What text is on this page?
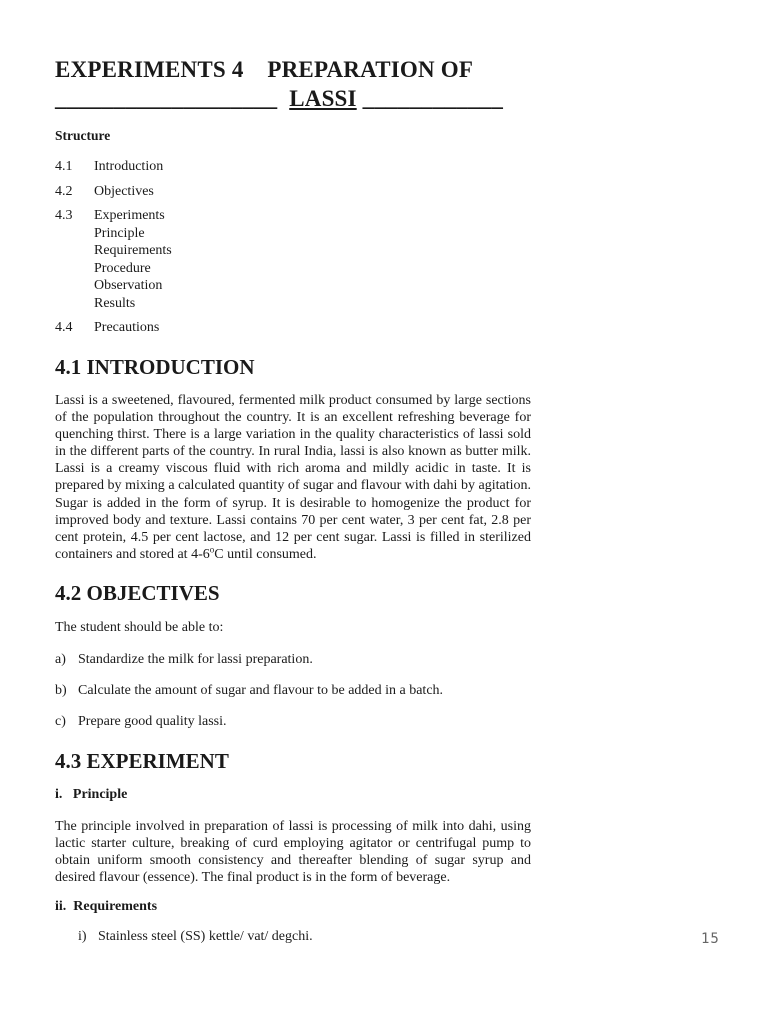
EXPERIMENTS 4    PREPARATION OF
___________________ LASSI ____________
Structure
4.1 Introduction
4.2 Objectives
4.3 Experiments
Principle
Requirements
Procedure
Observation
Results
4.4 Precautions
4.1 INTRODUCTION
Lassi is a sweetened, flavoured, fermented milk product consumed by large sections of the population throughout the country. It is an excellent refreshing beverage for quenching thirst. There is a large variation in the quality characteristics of lassi sold in the different parts of the country. In rural India, lassi is also known as butter milk. Lassi is a creamy viscous fluid with rich aroma and mildly acidic in taste. It is prepared by mixing a calculated quantity of sugar and flavour with dahi by agitation. Sugar is added in the form of syrup. It is desirable to homogenize the product for improved body and texture. Lassi contains 70 per cent water, 3 per cent fat, 2.8 per cent protein, 4.5 per cent lactose, and 12 per cent sugar. Lassi is filled in sterilized containers and stored at 4-6$^o$C until consumed.
4.2 OBJECTIVES
The student should be able to:
a) Standardize the milk for lassi preparation.
b) Calculate the amount of sugar and flavour to be added in a batch.
c) Prepare good quality lassi.
4.3 EXPERIMENT
i.   Principle
The principle involved in preparation of lassi is processing of milk into dahi, using lactic starter culture, breaking of curd employing agitator or centrifugal pump to obtain uniform smooth consistency and thereafter blending of sugar syrup and desired flavour (essence). The final product is in the form of beverage.
ii.  Requirements
i) Stainless steel (SS) kettle/ vat/ degchi.	15
